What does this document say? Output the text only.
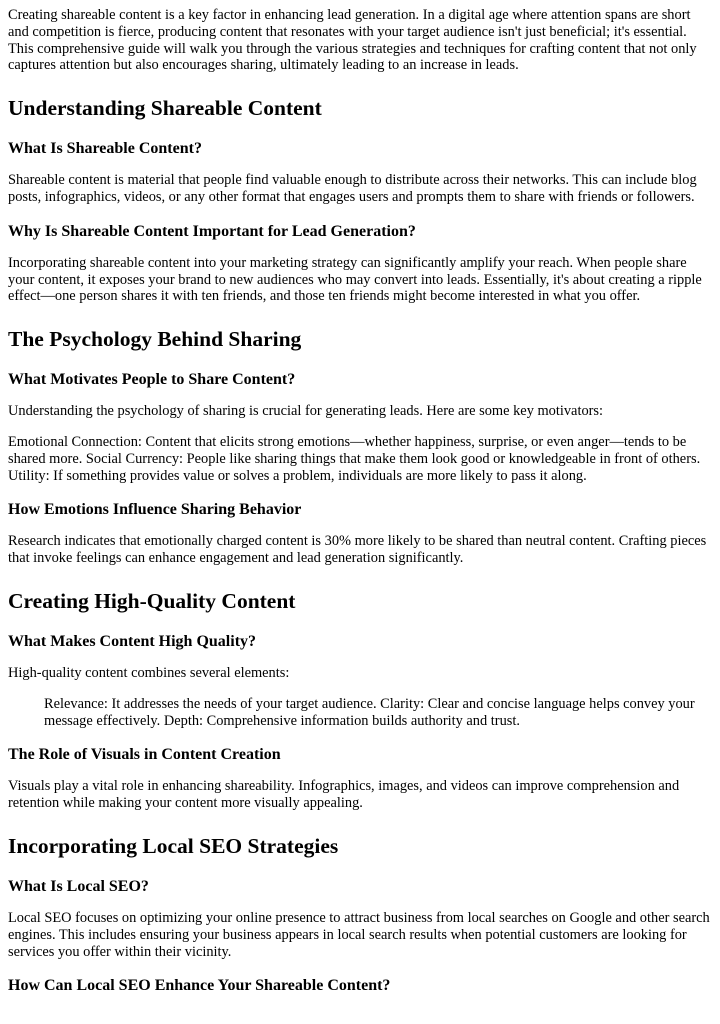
Creating shareable content is a key factor in enhancing lead generation. In a digital age where attention spans are short and competition is fierce, producing content that resonates with your target audience isn't just beneficial; it's essential. This comprehensive guide will walk you through the various strategies and techniques for crafting content that not only captures attention but also encourages sharing, ultimately leading to an increase in leads.

Understanding Shareable Content
What Is Shareable Content?

Shareable content is material that people find valuable enough to distribute across their networks. This can include blog posts, infographics, videos, or any other format that engages users and prompts them to share with friends or followers.

Why Is Shareable Content Important for Lead Generation?

Incorporating shareable content into your marketing strategy can significantly amplify your reach. When people share your content, it exposes your brand to new audiences who may convert into leads. Essentially, it's about creating a ripple effect—one person shares it with ten friends, and those ten friends might become interested in what you offer.

The Psychology Behind Sharing
What Motivates People to Share Content?

Understanding the psychology of sharing is crucial for generating leads. Here are some key motivators:

Emotional Connection: Content that elicits strong emotions—whether happiness, surprise, or even anger—tends to be shared more. Social Currency: People like sharing things that make them look good or knowledgeable in front of others. Utility: If something provides value or solves a problem, individuals are more likely to pass it along.

How Emotions Influence Sharing Behavior

Research indicates that emotionally charged content is 30% more likely to be shared than neutral content. Crafting pieces that invoke feelings can enhance engagement and lead generation significantly.

Creating High-Quality Content
What Makes Content High Quality?

High-quality content combines several elements:

Relevance: It addresses the needs of your target audience. Clarity: Clear and concise language helps convey your message effectively. Depth: Comprehensive information builds authority and trust.
The Role of Visuals in Content Creation

Visuals play a vital role in enhancing shareability. Infographics, images, and videos can improve comprehension and retention while making your content more visually appealing.

Incorporating Local SEO Strategies
What Is Local SEO?

Local SEO focuses on optimizing your online presence to attract business from local searches on Google and other search engines. This includes ensuring your business appears in local search results when potential customers are looking for services you offer within their vicinity.

How Can Local SEO Enhance Your Shareable Content?
